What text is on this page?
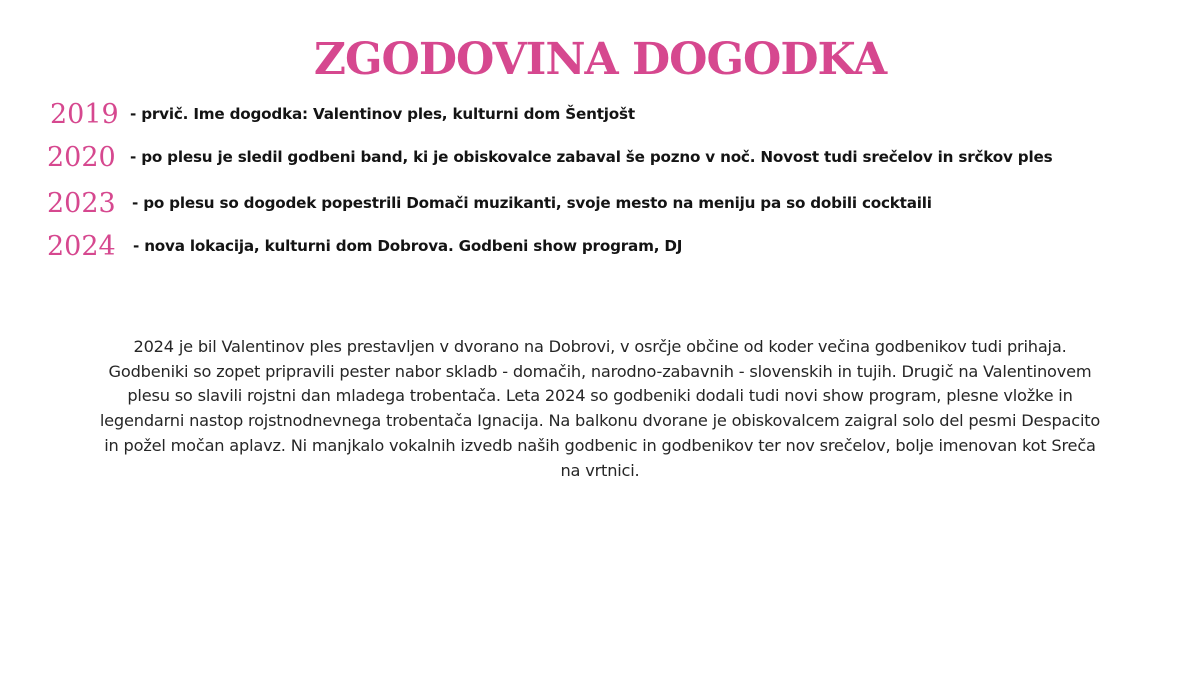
ZGODOVINA DOGODKA
2019 - prvič. Ime dogodka: Valentinov ples, kulturni dom Šentjošt
2020 - po plesu je sledil godbeni band, ki je obiskovalce zabaval še pozno v noč. Novost tudi srečelov in srčkov ples
2023	- po plesu so dogodek popestrili Domači muzikanti, svoje mesto na meniju pa so dobili cocktaili
2024	- nova lokacija, kulturni dom Dobrova. Godbeni show program, DJ

2024 je bil Valentinov ples prestavljen v dvorano na Dobrovi, v osrčje občine od koder večina godbenikov tudi prihaja. Godbeniki so zopet pripravili pester nabor skladb - domačih, narodno-zabavnih - slovenskih in tujih. Drugič na Valentinovem plesu so slavili rojstni dan mladega trobentača. Leta 2024 so godbeniki dodali tudi novi show program, plesne vložke in legendarni nastop rojstnodnevnega trobentača Ignacija. Na balkonu dvorane je obiskovalcem zaigral solo del pesmi Despacito in požel močan aplavz. Ni manjkalo vokalnih izvedb naših godbenic in godbenikov ter nov srečelov, bolje imenovan kot Sreča na vrtnici.
